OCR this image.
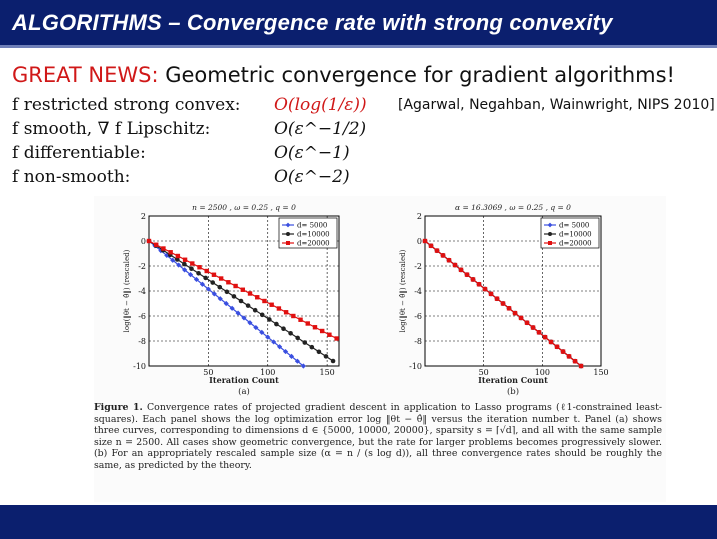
ALGORITHMS – Convergence rate with strong convexity
GREAT NEWS: Geometric convergence for gradient algorithms!
f restricted strong convex: O(log(1/ε)) [Agarwal, Negahban, Wainwright, NIPS 2010]
f smooth, ∇ f Lipschitz:	O(ε^−1/2)
f differentiable:	O(ε^−1)
f non-smooth:	O(ε^−2)
50	100	150
2
0
-2
-4
-6
-8
-10
n = 2500 , ω = 0.25 , q = 0
Iteration Count
(a)
log(‖θt − θ̂‖) (rescaled)
d= 5000
d=10000
d=20000
50	100	150
2
0
-2
-4
-6
-8
-10
α = 16.3069 , ω = 0.25 , q = 0
Iteration Count
(b)
log(‖θt − θ̂‖) (rescaled)
d= 5000
d=10000
d=20000
Figure 1. Convergence rates of projected gradient descent in application to Lasso programs (ℓ1-constrained least-squares). Each panel shows the log optimization error log ‖θt − θ̂‖ versus the iteration number t. Panel (a) shows three curves, corresponding to dimensions d ∈ {5000, 10000, 20000}, sparsity s = ⌈√d⌉, and all with the same sample size n = 2500. All cases show geometric convergence, but the rate for larger problems becomes progressively slower. (b) For an appropriately rescaled sample size (α = n / (s log d)), all three convergence rates should be roughly the same, as predicted by the theory.
